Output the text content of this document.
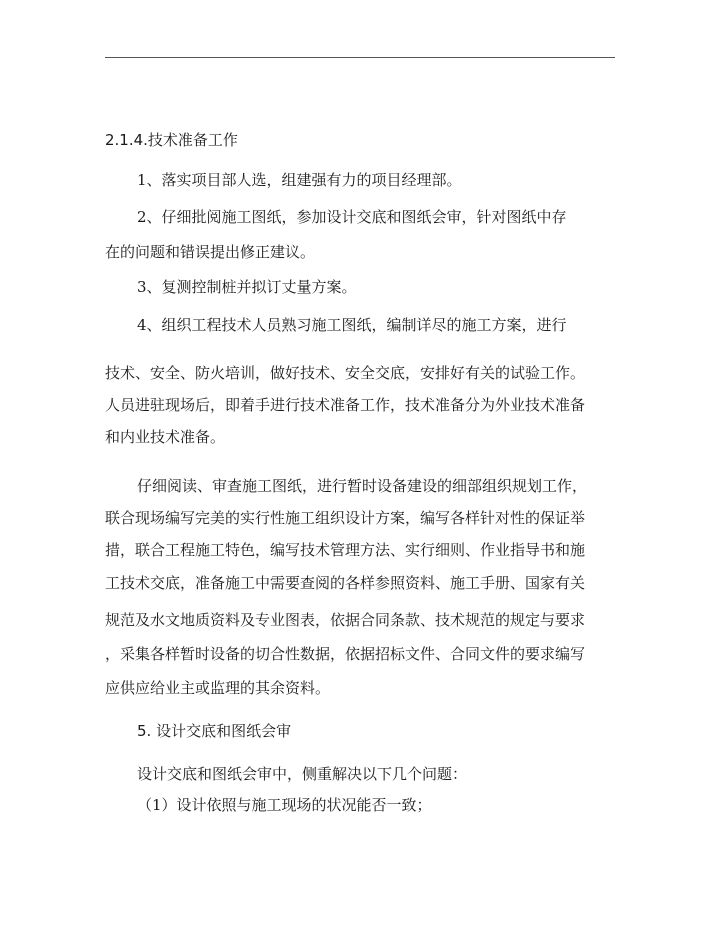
2.1.4.技术准备工作
1、落实项目部人选，组建强有力的项目经理部。
2、仔细批阅施工图纸，参加设计交底和图纸会审，针对图纸中存
在的问题和错误提出修正建议。
3、复测控制桩并拟订丈量方案。
4、组织工程技术人员熟习施工图纸，编制详尽的施工方案，进行
技术、安全、防火培训，做好技术、安全交底，安排好有关的试验工作。
人员进驻现场后，即着手进行技术准备工作，技术准备分为外业技术准备
和内业技术准备。
仔细阅读、审查施工图纸，进行暂时设备建设的细部组织规划工作，
联合现场编写完美的实行性施工组织设计方案，编写各样针对性的保证举
措，联合工程施工特色，编写技术管理方法、实行细则、作业指导书和施
工技术交底，准备施工中需要查阅的各样参照资料、施工手册、国家有关
规范及水文地质资料及专业图表，依据合同条款、技术规范的规定与要求
，采集各样暂时设备的切合性数据，依据招标文件、合同文件的要求编写
应供应给业主或监理的其余资料。
5. 设计交底和图纸会审
设计交底和图纸会审中，侧重解决以下几个问题：
（1）设计依照与施工现场的状况能否一致；
